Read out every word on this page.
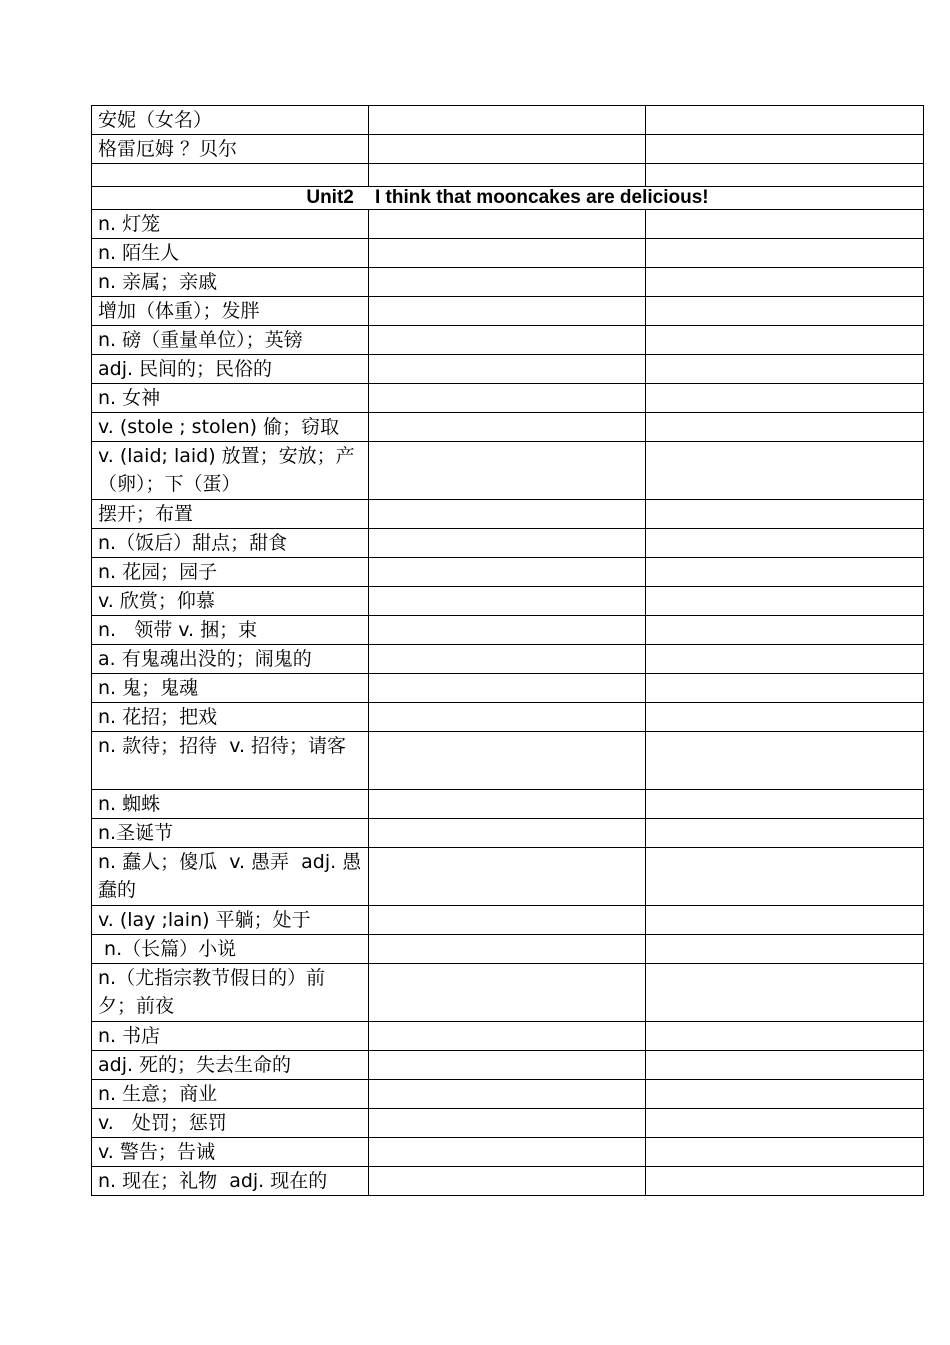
安妮（女名）		
格雷厄姆 ？贝尔		

Unit2    I think that mooncakes are delicious!		
n. 灯笼		
n. 陌生人		
n. 亲属；亲戚		
增加（体重）；发胖		
n. 磅（重量单位）；英镑		
adj. 民间的；民俗的		
n. 女神		
v. (stole ; stolen) 偷；窃取		
v. (laid; laid) 放置；安放；产（卵）；下（蛋）		
摆开；布置		
n.（饭后）甜点；甜食		
n. 花园；园子		
v. 欣赏；仰慕		
n.   领带 v. 捆；束		
a. 有鬼魂出没的；闹鬼的		
n. 鬼；鬼魂		
n. 花招；把戏		
n. 款待；招待  v. 招待；请客		
n. 蜘蛛		
n.圣诞节		
n. 蠢人；傻瓜  v. 愚弄  adj. 愚蠢的		
v. (lay ;lain) 平躺；处于		
n.（长篇）小说		
n.（尤指宗教节假日的）前夕；前夜		
n. 书店		
adj. 死的；失去生命的		
n. 生意；商业		
v.   处罚；惩罚		
v. 警告；告诫		
n. 现在；礼物  adj. 现在的		
